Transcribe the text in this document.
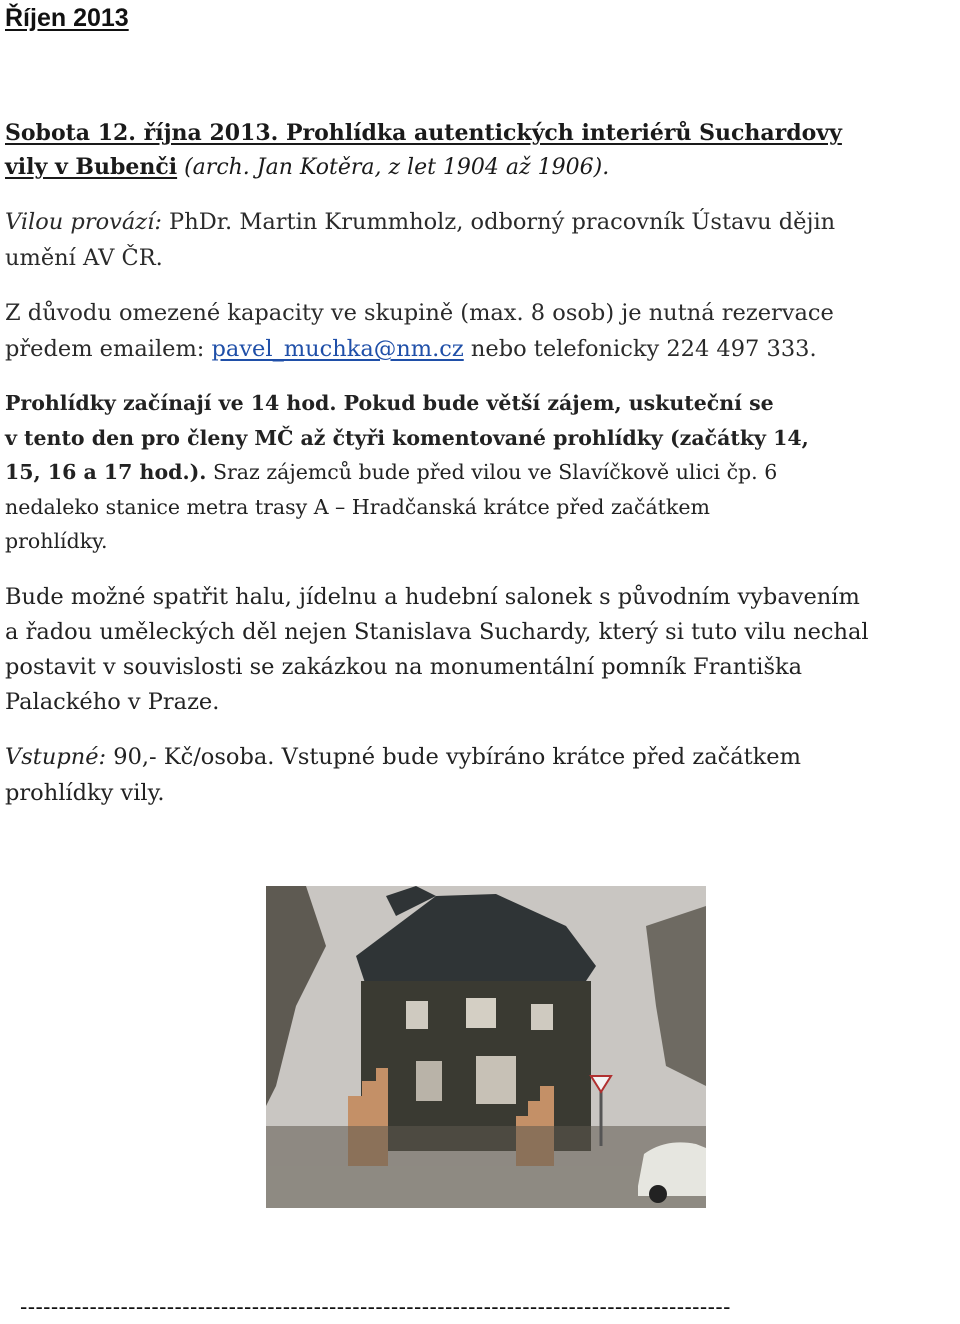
Říjen 2013

Sobota 12. října 2013. Prohlídka autentických interiérů Suchardovy
vily v Bubenči (arch. Jan Kotěra, z let 1904 až 1906).

Vilou provází: PhDr. Martin Krummholz, odborný pracovník Ústavu dějin
umění AV ČR.

Z důvodu omezené kapacity ve skupině (max. 8 osob) je nutná rezervace
předem emailem: pavel_muchka@nm.cz nebo telefonicky 224 497 333.

Prohlídky začínají ve 14 hod. Pokud bude větší zájem, uskuteční se
v tento den pro členy MČ až čtyři komentované prohlídky (začátky 14,
15, 16 a 17 hod.). Sraz zájemců bude před vilou ve Slavíčkově ulici čp. 6
nedaleko stanice metra trasy A – Hradčanská krátce před začátkem
prohlídky.

Bude možné spatřit halu, jídelnu a hudební salonek s původním vybavením
a řadou uměleckých děl nejen Stanislava Suchardy, který si tuto vilu nechal
postavit v souvislosti se zakázkou na monumentální pomník Františka
Palackého v Praze.

Vstupné: 90,- Kč/osoba. Vstupné bude vybíráno krátce před začátkem
prohlídky vily.

--------------------------------------------------------------------------------------------
